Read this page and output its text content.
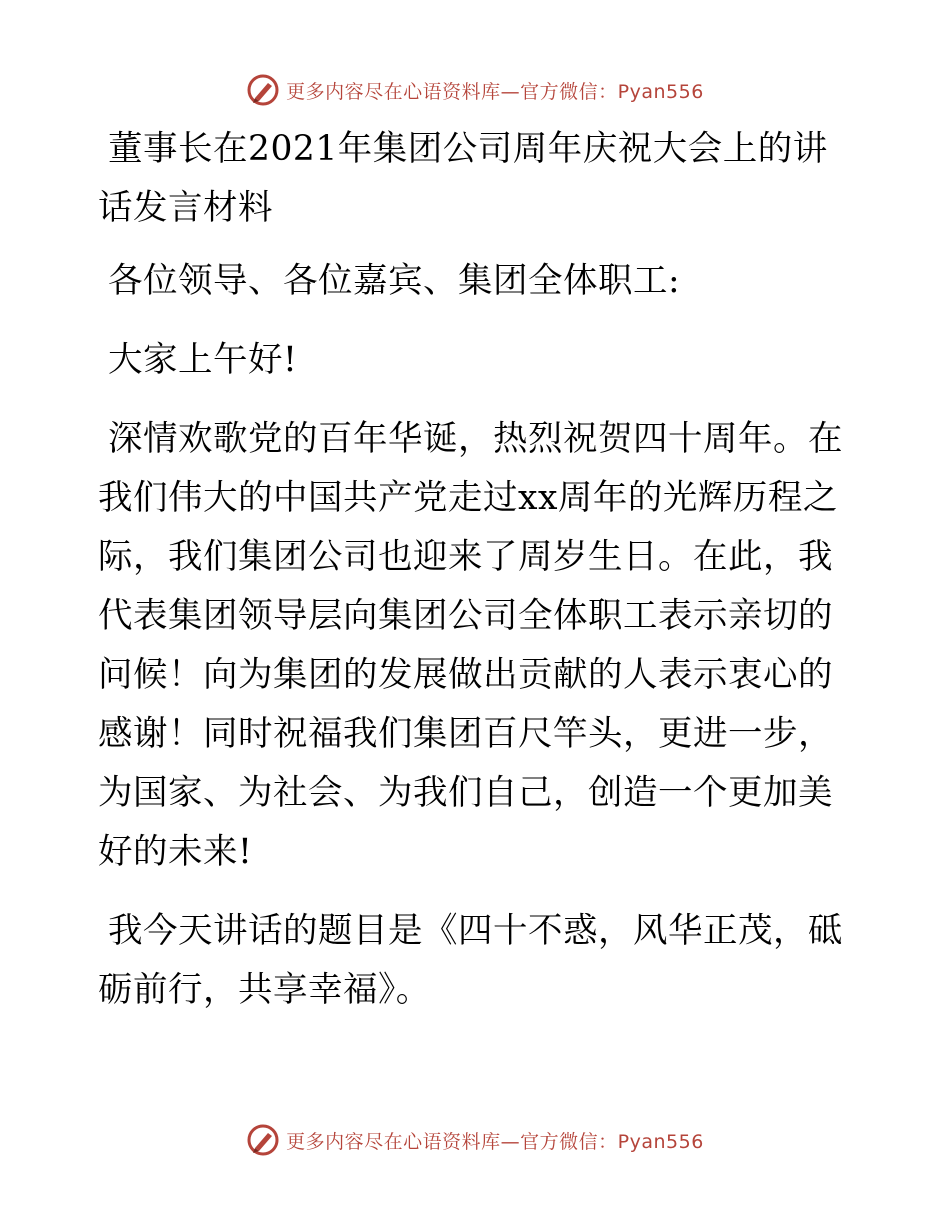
更多内容尽在心语资料库—官方微信：Pyan556

董事长在2021年集团公司周年庆祝大会上的讲话发言材料

各位领导、各位嘉宾、集团全体职工:

大家上午好!

深情欢歌党的百年华诞，热烈祝贺四十周年。在我们伟大的中国共产党走过xx周年的光辉历程之际，我们集团公司也迎来了周岁生日。在此，我代表集团领导层向集团公司全体职工表示亲切的问候！向为集团的发展做出贡献的人表示衷心的感谢！同时祝福我们集团百尺竿头，更进一步，为国家、为社会、为我们自己，创造一个更加美好的未来!

我今天讲话的题目是《四十不惑，风华正茂，砥砺前行，共享幸福》。

更多内容尽在心语资料库—官方微信：Pyan556
